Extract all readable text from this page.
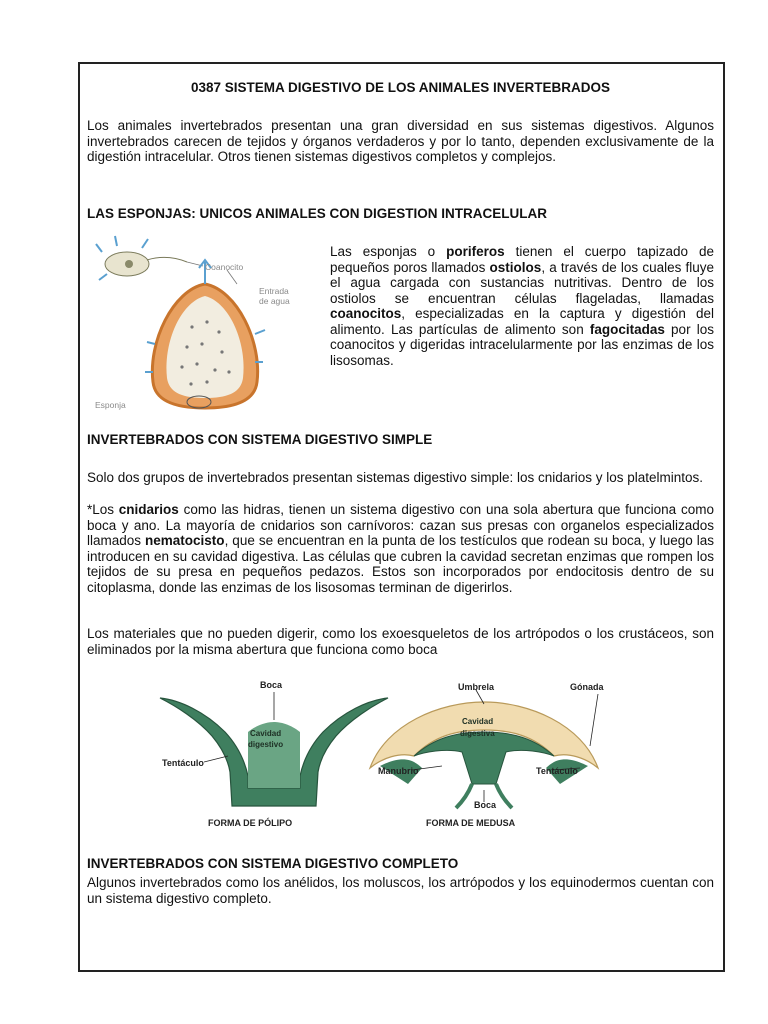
0387 SISTEMA DIGESTIVO DE LOS ANIMALES INVERTEBRADOS

Los animales invertebrados presentan una gran diversidad en sus sistemas digestivos. Algunos invertebrados carecen de tejidos y órganos verdaderos y por lo tanto, dependen exclusivamente de la digestión intracelular. Otros tienen sistemas digestivos completos y complejos.

LAS ESPONJAS: UNICOS ANIMALES CON DIGESTION INTRACELULAR
Coanocito
Entrada
de agua
Esponja

Las esponjas o poriferos tienen el cuerpo tapizado de pequeños poros llamados ostiolos, a través de los cuales fluye el agua cargada con sustancias nutritivas. Dentro de los ostiolos se encuentran células flageladas, llamadas coanocitos, especializadas en la captura y digestión del alimento. Las partículas de alimento son fagocitadas por los coanocitos y digeridas intracelularmente por las enzimas de los lisosomas.

INVERTEBRADOS CON SISTEMA DIGESTIVO SIMPLE

Solo dos grupos de invertebrados presentan sistemas digestivo simple: los cnidarios y los platelmintos.

*Los cnidarios como las hidras, tienen un sistema digestivo con una sola abertura que funciona como boca y ano. La mayoría de cnidarios son carnívoros: cazan sus presas con organelos especializados llamados nematocisto, que se encuentran en la punta de los testículos que rodean su boca, y luego las introducen en su cavidad digestiva. Las células que cubren la cavidad secretan enzimas que rompen los tejidos de su presa en pequeños pedazos. Estos son incorporados por endocitosis dentro de su citoplasma, donde las enzimas de los lisosomas terminan de digerirlos.

Los materiales que no pueden digerir, como los exoesqueletos de los artrópodos o los crustáceos, son eliminados por la misma abertura que funciona como boca

Boca
Cavidad
digestivo
Tentáculo
FORMA DE PÓLIPO
Umbrela	Gónada
Cavidad
digestiva
Manubrio	Tentáculo
Boca
FORMA DE MEDUSA
INVERTEBRADOS CON SISTEMA DIGESTIVO COMPLETO

Algunos invertebrados como los anélidos, los moluscos, los artrópodos y los equinodermos cuentan con un sistema digestivo completo.
